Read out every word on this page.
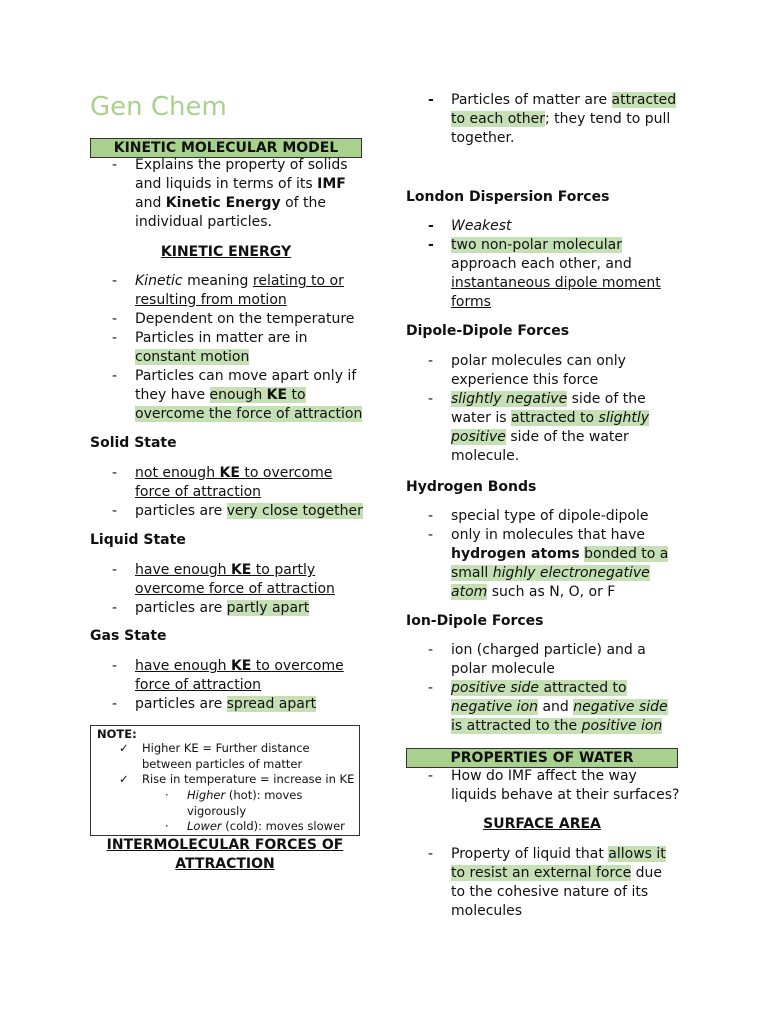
Gen Chem
KINETIC MOLECULAR MODEL
- Explains the property of solids and liquids in terms of its IMF and Kinetic Energy of the individual particles.
KINETIC ENERGY
- Kinetic meaning relating to or resulting from motion
- Dependent on the temperature
- Particles in matter are in constant motion
- Particles can move apart only if they have enough KE to overcome the force of attraction
Solid State
- not enough KE to overcome force of attraction
- particles are very close together
Liquid State
- have enough KE to partly overcome force of attraction
- particles are partly apart
Gas State
- have enough KE to overcome force of attraction
- particles are spread apart
NOTE:
✓ Higher KE = Further distance between particles of matter
✓ Rise in temperature = increase in KE
· Higher (hot): moves vigorously
· Lower (cold): moves slower
INTERMOLECULAR FORCES OF ATTRACTION
- Particles of matter are attracted to each other; they tend to pull together.
London Dispersion Forces
- Weakest
- two non-polar molecular approach each other, and instantaneous dipole moment forms
Dipole-Dipole Forces
- polar molecules can only experience this force
- slightly negative side of the water is attracted to slightly positive side of the water molecule.
Hydrogen Bonds
- special type of dipole-dipole
- only in molecules that have hydrogen atoms bonded to a small highly electronegative atom such as N, O, or F
Ion-Dipole Forces
- ion (charged particle) and a polar molecule
- positive side attracted to negative ion and negative side is attracted to the positive ion
PROPERTIES OF WATER
- How do IMF affect the way liquids behave at their surfaces?
SURFACE AREA
- Property of liquid that allows it to resist an external force due to the cohesive nature of its molecules
